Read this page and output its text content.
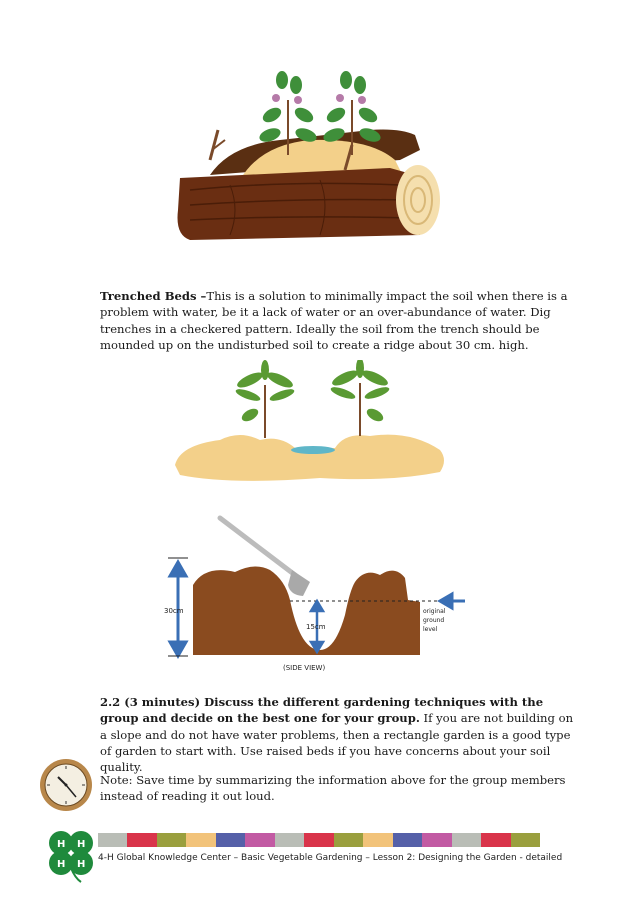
Trenched Beds –This is a solution to minimally impact the soil when there is a problem with water, be it a lack of water or an over-abundance of water. Dig trenches in a checkered pattern. Ideally the soil from the trench should be mounded up on the undisturbed soil to create a ridge about 30 cm. high.

30cm
15cm
original
ground
level
(SIDE VIEW)

2.2 (3 minutes) Discuss the different gardening techniques with the group and decide on the best one for your group. If you are not building on a slope and do not have water problems, then a rectangle garden is a good type of garden to start with. Use raised beds if you have concerns about your soil quality.

Note: Save time by summarizing the information above for the group members instead of reading it out loud.

H H
H H
4-H Global Knowledge Center – Basic Vegetable Gardening – Lesson 2: Designing the Garden - detailed
